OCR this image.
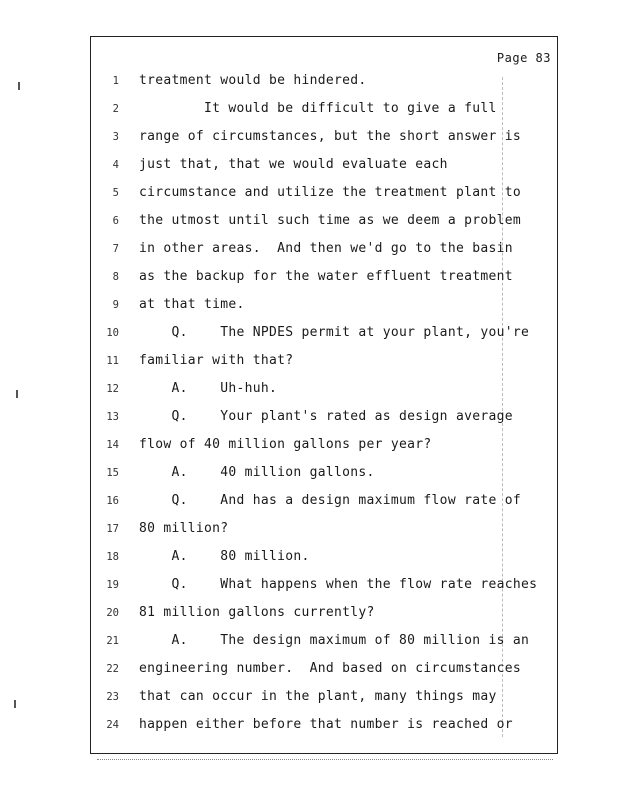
Page 83
1 treatment would be hindered.
2 It would be difficult to give a full
3 range of circumstances, but the short answer is
4 just that, that we would evaluate each
5 circumstance and utilize the treatment plant to
6 the utmost until such time as we deem a problem
7 in other areas.  And then we'd go to the basin
8 as the backup for the water effluent treatment
9 at that time.
10 Q.    The NPDES permit at your plant, you're
11 familiar with that?
12 A.    Uh-huh.
13 Q.    Your plant's rated as design average
14 flow of 40 million gallons per year?
15 A.    40 million gallons.
16 Q.    And has a design maximum flow rate of
17 80 million?
18 A.    80 million.
19 Q.    What happens when the flow rate reaches
20 81 million gallons currently?
21 A.    The design maximum of 80 million is an
22 engineering number.  And based on circumstances
23 that can occur in the plant, many things may
24 happen either before that number is reached or
